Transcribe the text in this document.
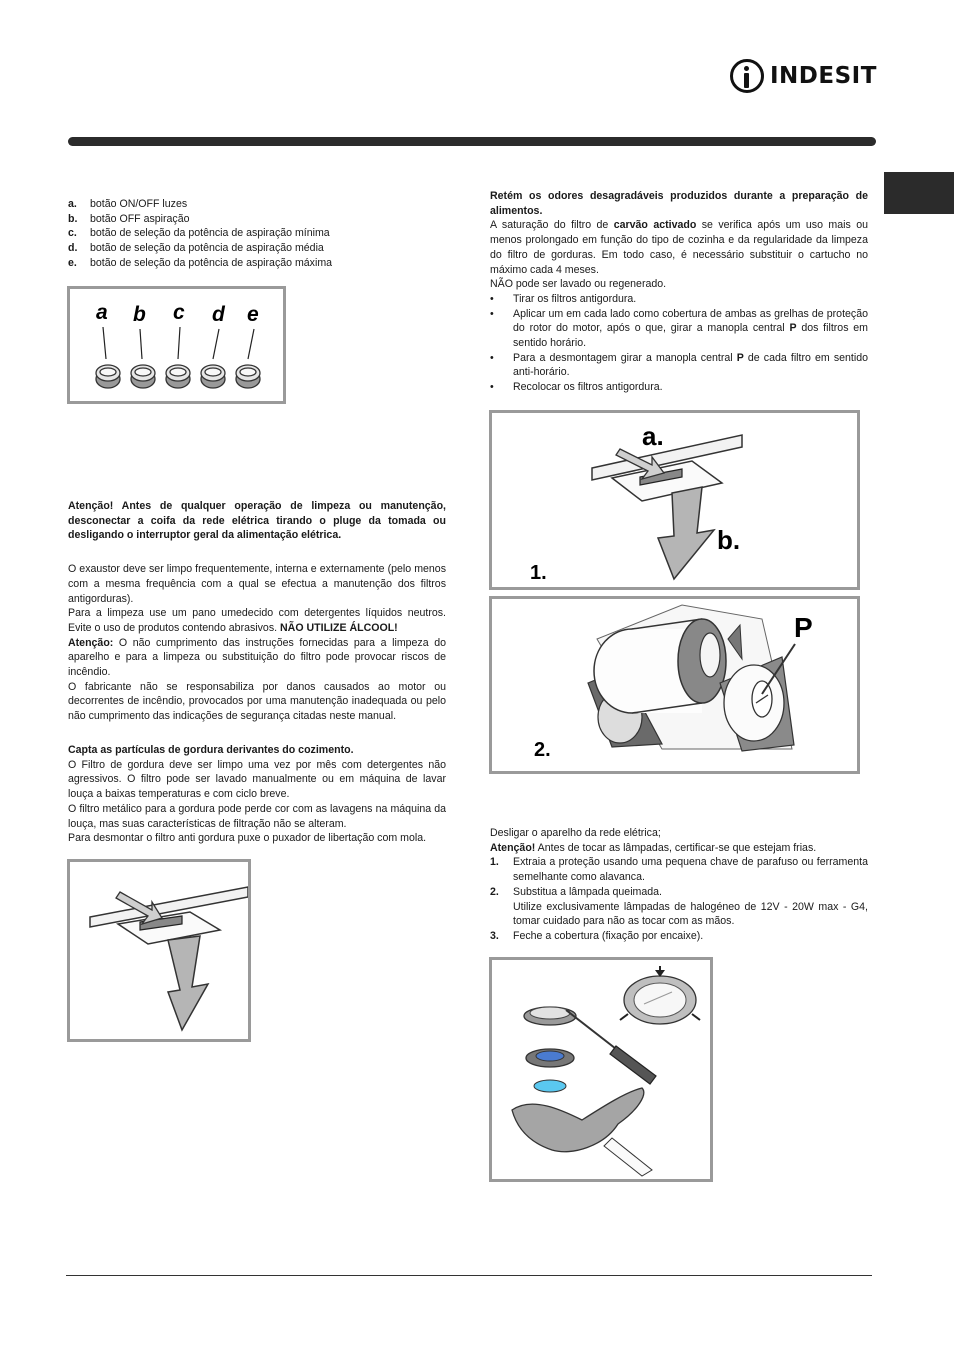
INDESIT
a.	botão ON/OFF luzes
b.	botão OFF aspiração
c.	botão de seleção da potência de aspiração mínima
d.	botão de seleção da potência de aspiração média
e.	botão de seleção da potência de aspiração máxima
a b c d e

Atenção! Antes de qualquer operação de limpeza ou manutenção, desconectar a coifa da rede elétrica tirando o pluge da tomada ou desligando o interruptor geral da alimentação elétrica.

O exaustor deve ser limpo frequentemente, interna e externamente (pelo menos com a mesma frequência com a qual se efectua a manutenção dos filtros antigorduras).

Para a limpeza use um pano umedecido com detergentes líquidos neutros. Evite o uso de produtos contendo abrasivos. NÃO UTILIZE ÁLCOOL!

Atenção: O não cumprimento das instruções fornecidas para a limpeza do aparelho e para a limpeza ou substituição do filtro pode provocar riscos de incêndio.

O fabricante não se responsabiliza por danos causados ao motor ou decorrentes de incêndio, provocados por uma manutenção inadequada ou pelo não cumprimento das indicações de segurança citadas neste manual.

Capta as partículas de gordura derivantes do cozimento.

O Filtro de gordura deve ser limpo uma vez por mês com detergentes não agressivos. O filtro pode ser lavado manualmente ou em máquina de lavar louça a baixas temperaturas e com ciclo breve.

O filtro metálico para a gordura pode perde cor com as lavagens na máquina da louça, mas suas características de filtração não se alteram.

Para desmontar o filtro anti gordura puxe o puxador de libertação com mola.

Retém os odores desagradáveis produzidos durante a preparação de alimentos.

A saturação do filtro de carvão activado se verifica após um uso mais ou menos prolongado em função do tipo de cozinha e da regularidade da limpeza do filtro de gorduras. Em todo caso, é necessário substituir o cartucho no máximo cada 4 meses.

NÃO pode ser lavado ou regenerado.

•	Tirar os filtros antigordura.
•	Aplicar um em cada lado como cobertura de ambas as grelhas de proteção do rotor do motor, após o que, girar a manopla central P dos filtros em sentido horário.
•	Para a desmontagem girar a manopla central P de cada filtro em sentido anti-horário.
•	Recolocar os filtros antigordura.
a.
b.
1.
P
2.

Desligar o aparelho da rede elétrica;

Atenção! Antes de tocar as lâmpadas, certificar-se que estejam frias.

1.	Extraia a proteção usando uma pequena chave de parafuso ou ferramenta semelhante como alavanca.
2.	Substitua a lâmpada queimada.
Utilize exclusivamente lâmpadas de halogéneo de 12V - 20W max - G4, tomar cuidado para não as tocar com as mãos.
3.	Feche a cobertura (fixação por encaixe).
